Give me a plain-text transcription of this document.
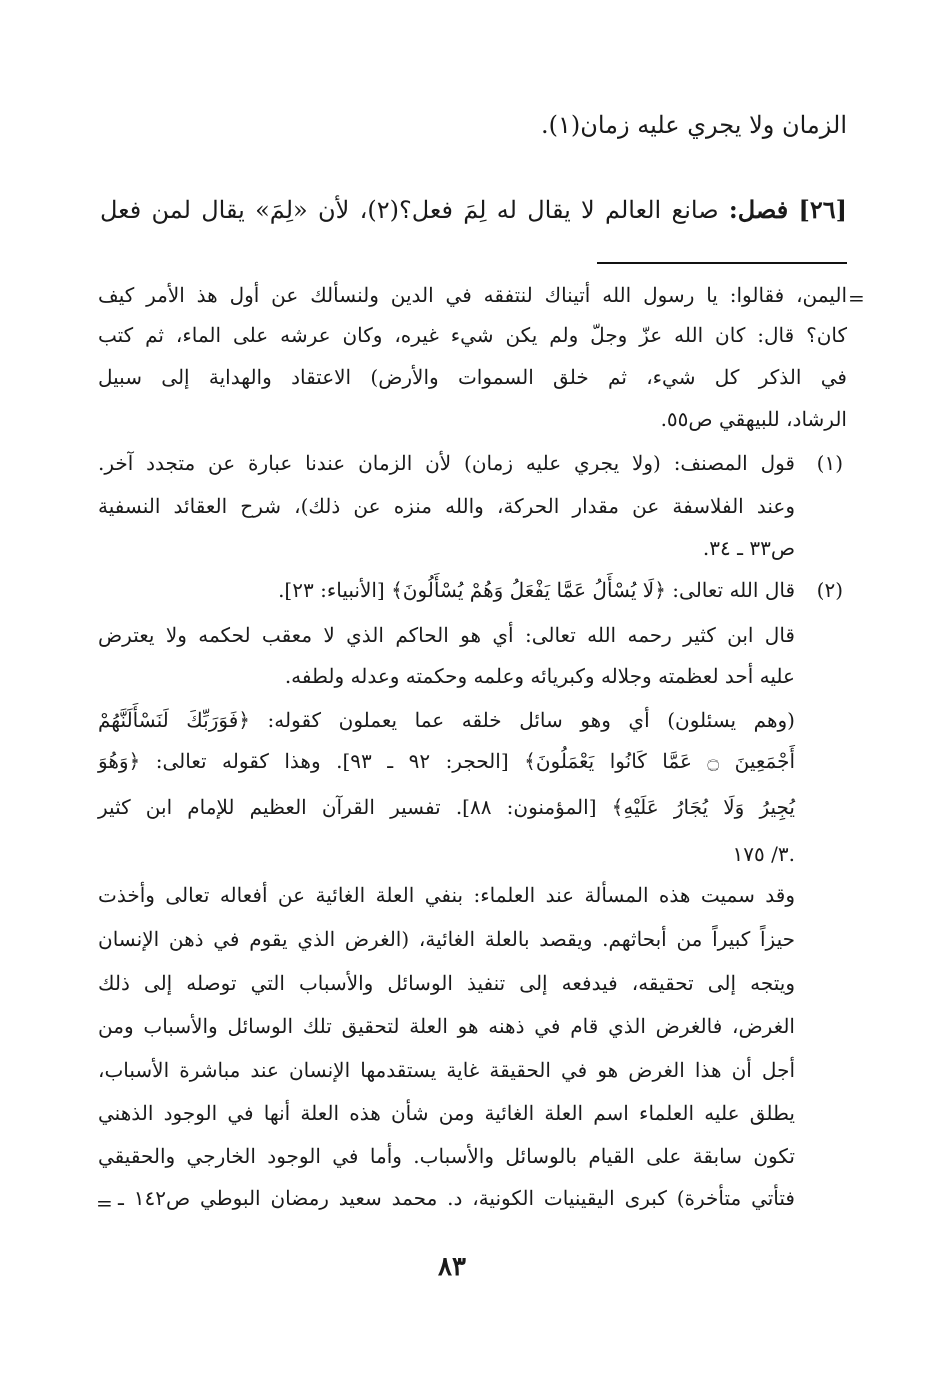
الزمان ولا يجري عليه زمان(١).
[٢٦] فصل: صانع العالم لا يقال له لِمَ فعل؟(٢)، لأن «لِمَ» يقال لمن فعل
=
اليمن، فقالوا: يا رسول الله أتيناك لنتفقه في الدين ولنسألك عن أول هذ الأمر كيف
كان؟ قال: كان الله عزّ وجلّ ولم يكن شيء غيره، وكان عرشه على الماء، ثم كتب
في الذكر كل شيء، ثم خلق السموات والأرض) الاعتقاد والهداية إلى سبيل
الرشاد، للبيهقي ص٥٥.
(١)
قول المصنف: (ولا يجري عليه زمان) لأن الزمان عندنا عبارة عن متجدد آخر.
وعند الفلاسفة عن مقدار الحركة، والله منزه عن ذلك)، شرح العقائد النسفية
ص٣٣ ـ ٣٤.
(٢)
قال الله تعالى: ﴿لَا يُسْأَلُ عَمَّا يَفْعَلُ وَهُمْ يُسْأَلُونَ﴾ [الأنبياء: ٢٣].
قال ابن كثير رحمه الله تعالى: أي هو الحاكم الذي لا معقب لحكمه ولا يعترض
عليه أحد لعظمته وجلاله وكبريائه وعلمه وحكمته وعدله ولطفه.
(وهم يسئلون) أي وهو سائل خلقه عما يعملون كقوله: ﴿فَوَرَبِّكَ لَنَسْأَلَنَّهُمْ
أَجْمَعِينَ ۝ عَمَّا كَانُوا يَعْمَلُونَ﴾ [الحجر: ٩٢ ـ ٩٣]. وهذا كقوله تعالى: ﴿وَهُوَ
يُجِيرُ وَلَا يُجَارُ عَلَيْهِ﴾ [المؤمنون: ٨٨]. تفسير القرآن العظيم للإمام ابن كثير
٣/ ١٧٥.
وقد سميت هذه المسألة عند العلماء: بنفي العلة الغائية عن أفعاله تعالى وأخذت
حيزاً كبيراً من أبحاثهم. ويقصد بالعلة الغائية، (الغرض الذي يقوم في ذهن الإنسان
ويتجه إلى تحقيقه، فيدفعه إلى تنفيذ الوسائل والأسباب التي توصله إلى ذلك
الغرض، فالغرض الذي قام في ذهنه هو العلة لتحقيق تلك الوسائل والأسباب ومن
أجل أن هذا الغرض هو في الحقيقة غاية يستقدمها الإنسان عند مباشرة الأسباب،
يطلق عليه العلماء اسم العلة الغائية ومن شأن هذه العلة أنها في الوجود الذهني
تكون سابقة على القيام بالوسائل والأسباب. وأما في الوجود الخارجي والحقيقي
فتأتي متأخرة) كبرى اليقينيات الكونية، د. محمد سعيد رمضان البوطي ص١٤٢ ـ
=
٨٣
